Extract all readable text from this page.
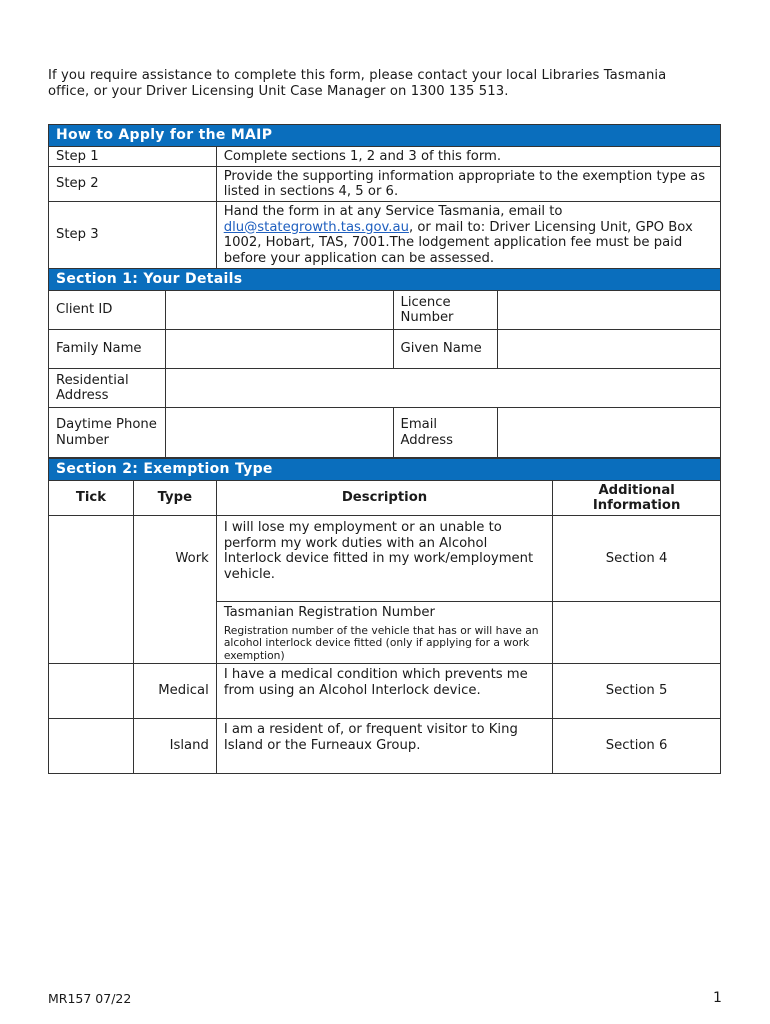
If you require assistance to complete this form, please contact your local Libraries Tasmania

office, or your Driver Licensing Unit Case Manager on 1300 135 513.

How to Apply for the MAIP	
Step 1	Complete sections 1, 2 and 3 of this form.
Step 2	Provide the supporting information appropriate to the exemption type as listed in sections 4, 5 or 6.
Step 3	Hand the form in at any Service Tasmania, email to dlu@stategrowth.tas.gov.au, or mail to: Driver Licensing Unit, GPO Box 1002, Hobart, TAS, 7001.The lodgement application fee must be paid before your application can be assessed.
Section 1: Your Details			
Client ID		Licence Number	
Family Name		Given Name	
Residential Address			
Daytime Phone Number		Email Address	
Section 2: Exemption Type			
Tick	Type	Description	Additional Information
	Work	I will lose my employment or an unable to perform my work duties with an Alcohol Interlock device fitted in my work/employment vehicle.	Section 4
		Tasmanian Registration Number
Registration number of the vehicle that has or will have an alcohol interlock device fitted (only if applying for a work exemption)	

	Medical	I have a medical condition which prevents me from using an Alcohol Interlock device.	Section 5
	Island	I am a resident of, or frequent visitor to King Island or the Furneaux Group.	Section 6
MR157 07/22	1
